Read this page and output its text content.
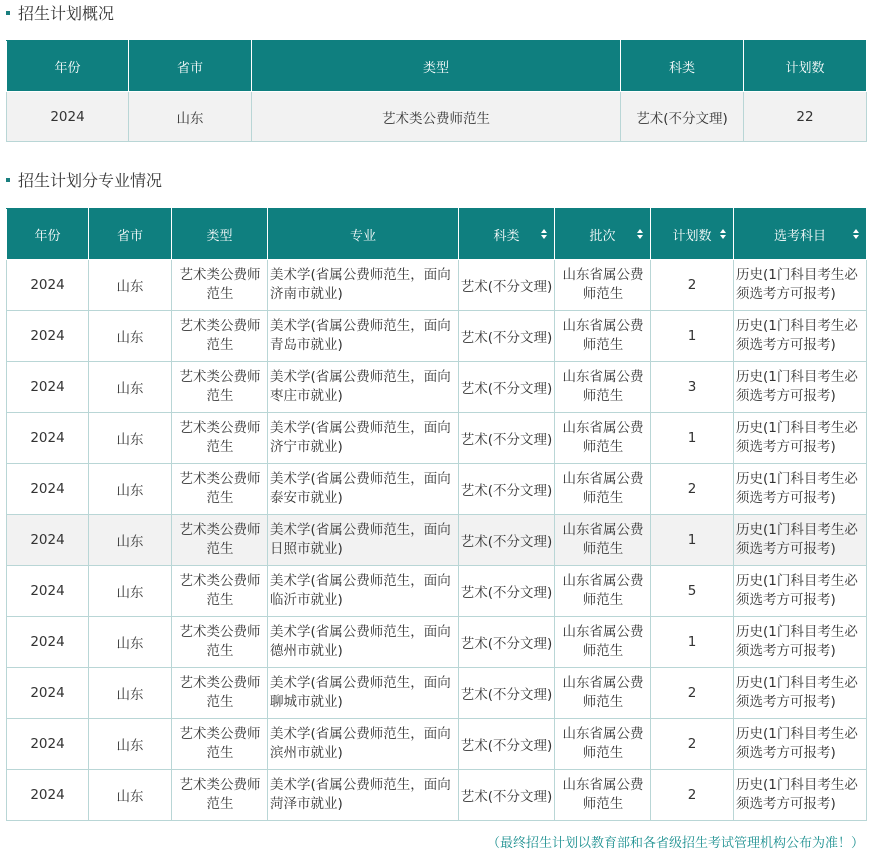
招生计划概况
年份	省市	类型	科类	计划数
2024	山东	艺术类公费师范生	艺术(不分文理)	22
招生计划分专业情况
年份	省市	类型	专业	科类	批次	计划数	选考科目

2024	山东	艺术类公费师范生	美术学(省属公费师范生，面向济南市就业)	艺术(不分文理)	山东省属公费师范生	2	历史(1门科目考生必须选考方可报考)
2024	山东	艺术类公费师范生	美术学(省属公费师范生，面向青岛市就业)	艺术(不分文理)	山东省属公费师范生	1	历史(1门科目考生必须选考方可报考)
2024	山东	艺术类公费师范生	美术学(省属公费师范生，面向枣庄市就业)	艺术(不分文理)	山东省属公费师范生	3	历史(1门科目考生必须选考方可报考)
2024	山东	艺术类公费师范生	美术学(省属公费师范生，面向济宁市就业)	艺术(不分文理)	山东省属公费师范生	1	历史(1门科目考生必须选考方可报考)
2024	山东	艺术类公费师范生	美术学(省属公费师范生，面向泰安市就业)	艺术(不分文理)	山东省属公费师范生	2	历史(1门科目考生必须选考方可报考)
2024	山东	艺术类公费师范生	美术学(省属公费师范生，面向日照市就业)	艺术(不分文理)	山东省属公费师范生	1	历史(1门科目考生必须选考方可报考)
2024	山东	艺术类公费师范生	美术学(省属公费师范生，面向临沂市就业)	艺术(不分文理)	山东省属公费师范生	5	历史(1门科目考生必须选考方可报考)
2024	山东	艺术类公费师范生	美术学(省属公费师范生，面向德州市就业)	艺术(不分文理)	山东省属公费师范生	1	历史(1门科目考生必须选考方可报考)
2024	山东	艺术类公费师范生	美术学(省属公费师范生，面向聊城市就业)	艺术(不分文理)	山东省属公费师范生	2	历史(1门科目考生必须选考方可报考)
2024	山东	艺术类公费师范生	美术学(省属公费师范生，面向滨州市就业)	艺术(不分文理)	山东省属公费师范生	2	历史(1门科目考生必须选考方可报考)
2024	山东	艺术类公费师范生	美术学(省属公费师范生，面向菏泽市就业)	艺术(不分文理)	山东省属公费师范生	2	历史(1门科目考生必须选考方可报考)
（最终招生计划以教育部和各省级招生考试管理机构公布为准！）
